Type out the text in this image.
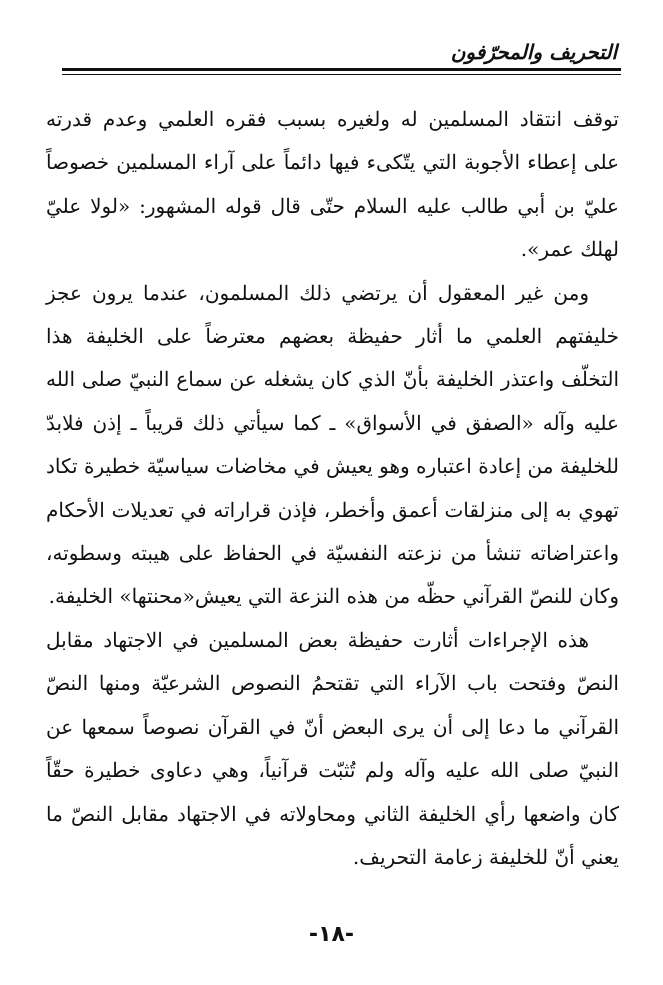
التحريف والمحرّفون

توقف انتقاد المسلمين له ولغيره بسبب فقره العلمي وعدم قدرته على إعطاء الأجوبة التي يتّكىء فيها دائماً على آراء المسلمين خصوصاً عليّ بن أبي طالب عليه السلام حتّى قال قوله المشهور: «لولا عليّ لهلك عمر».

ومن غير المعقول أن يرتضي ذلك المسلمون، عندما يرون عجز خليفتهم العلمي ما أثار حفيظة بعضهم معترضاً على الخليفة هذا التخلّف واعتذر الخليفة بأنّ الذي كان يشغله عن سماع النبيّ صلى الله عليه وآله «الصفق في الأسواق» ـ كما سيأتي ذلك قريباً ـ إذن فلابدّ للخليفة من إعادة اعتباره وهو يعيش في مخاضات سياسيّة خطيرة تكاد تهوي به إلى منزلقات أعمق وأخطر، فإذن قراراته في تعديلات الأحكام واعتراضاته تنشأ من نزعته النفسيّة في الحفاظ على هيبته وسطوته، وكان للنصّ القرآني حظّه من هذه النزعة التي يعيش«محنتها» الخليفة.

هذه الإجراءات أثارت حفيظة بعض المسلمين في الاجتهاد مقابل النصّ وفتحت باب الآراء التي تقتحمُ النصوص الشرعيّة ومنها النصّ القرآني ما دعا إلى أن يرى البعض أنّ في القرآن نصوصاً سمعها عن النبيّ صلى الله عليه وآله ولم تُثبّت قرآنياً، وهي دعاوى خطيرة حقّاً كان واضعها رأي الخليفة الثاني ومحاولاته في الاجتهاد مقابل النصّ ما يعني أنّ للخليفة زعامة التحريف.

-١٨-
